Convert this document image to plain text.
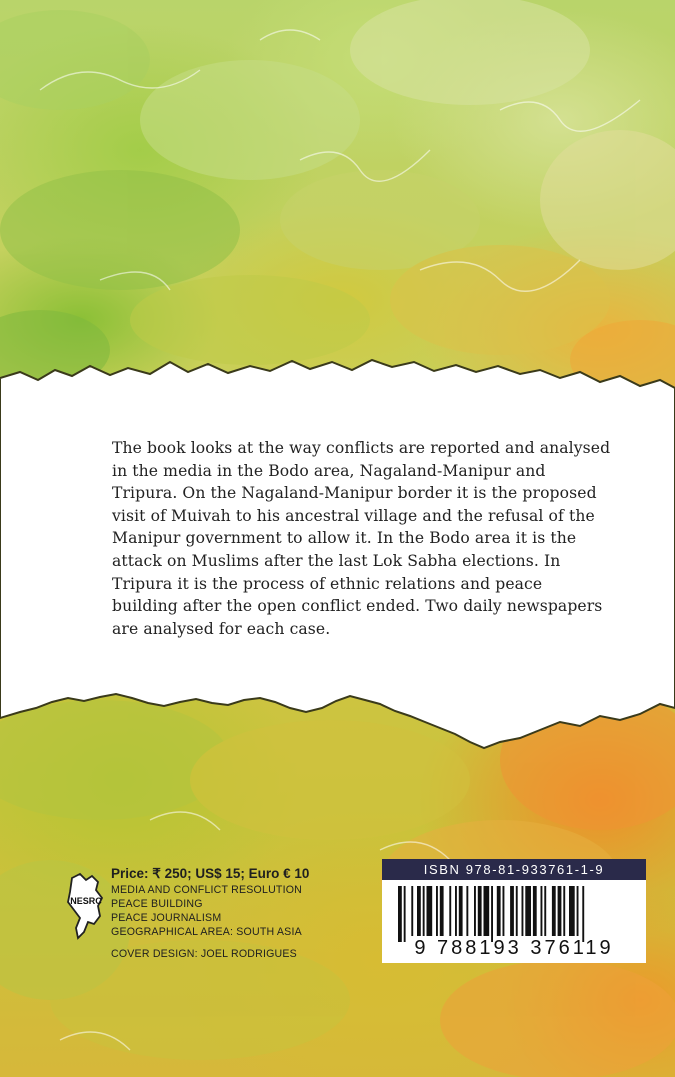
The book looks at the way conflicts are reported and analysed in the media in the Bodo area, Nagaland-Manipur and Tripura. On the Nagaland-Manipur border it is the proposed visit of Muivah to his ancestral village and the refusal of the Manipur government to allow it. In the Bodo area it is the attack on Muslims after the last Lok Sabha elections. In Tripura it is the process of ethnic relations and peace building after the open conflict ended. Two daily newspapers are analysed for each case.

NESRC

Price: ₹ 250; US$ 15; Euro € 10

MEDIA AND CONFLICT RESOLUTION

PEACE BUILDING

PEACE JOURNALISM

GEOGRAPHICAL AREA: SOUTH ASIA

COVER DESIGN: JOEL RODRIGUES

ISBN 978-81-933761-1-9
9 788193 376119
